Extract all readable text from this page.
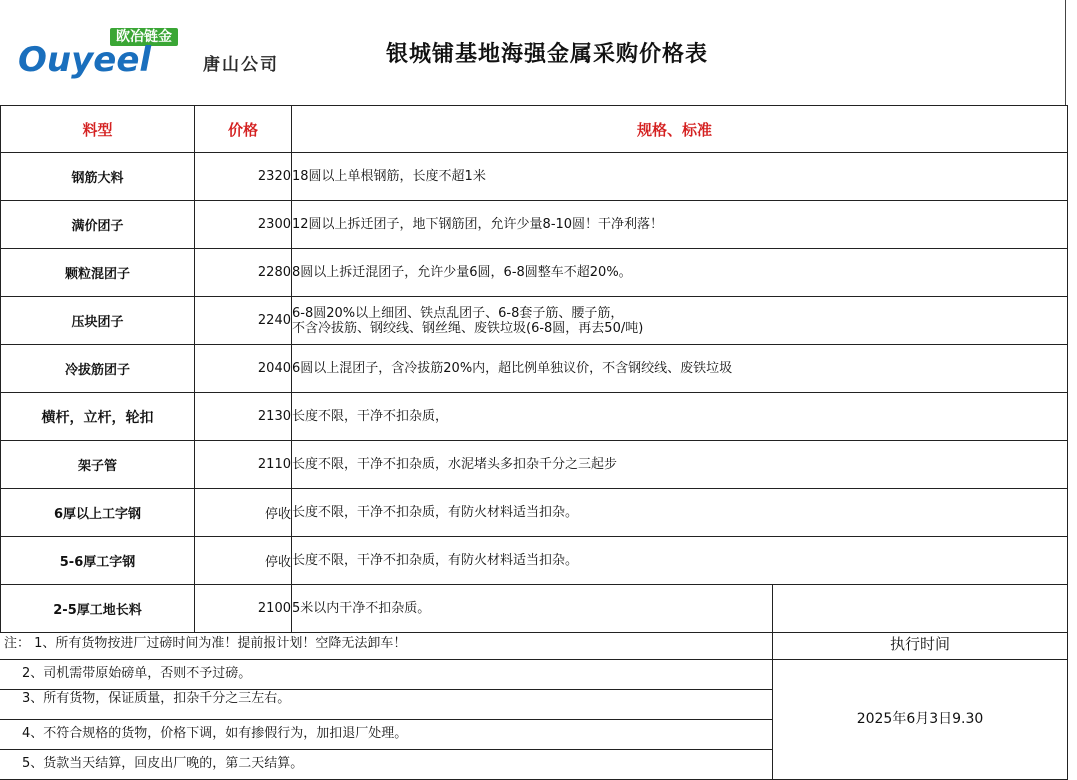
欧冶链金
Ouyeel	唐山公司	银城铺基地海强金属采购价格表
料型	价格	规格、标准	
钢筋大料	2320	18圆以上单根钢筋，长度不超1米	
满价团子	2300	12圆以上拆迁团子，地下钢筋团，允许少量8-10圆！干净利落！	
颗粒混团子	2280	8圆以上拆迁混团子，允许少量6圆，6-8圆整车不超20%。	
压块团子	2240	6-8圆20%以上细团、铁点乱团子、6-8套子筋、腰子筋，
不含冷拔筋、钢绞线、钢丝绳、废铁垃圾(6-8圆，再去50/吨)	

冷拔筋团子	2040	6圆以上混团子，含冷拔筋20%内，超比例单独议价，不含钢绞线、废铁垃圾	
横杆，立杆，轮扣	2130	长度不限，干净不扣杂质，	
架子管	2110	长度不限，干净不扣杂质，水泥堵头多扣杂千分之三起步	
6厚以上工字钢	停收	长度不限，干净不扣杂质，有防火材料适当扣杂。	
5-6厚工字钢	停收	长度不限，干净不扣杂质，有防火材料适当扣杂。	
2-5厚工地长料	2100	5米以内干净不扣杂质。	
注： 1、所有货物按进厂过磅时间为准！提前报计划！空降无法卸车！
2、司机需带原始磅单，否则不予过磅。
3、所有货物，保证质量，扣杂千分之三左右。
4、不符合规格的货物，价格下调，如有掺假行为，加扣退厂处理。
5、货款当天结算，回皮出厂晚的，第二天结算。
执行时间
2025年6月3日9.30
